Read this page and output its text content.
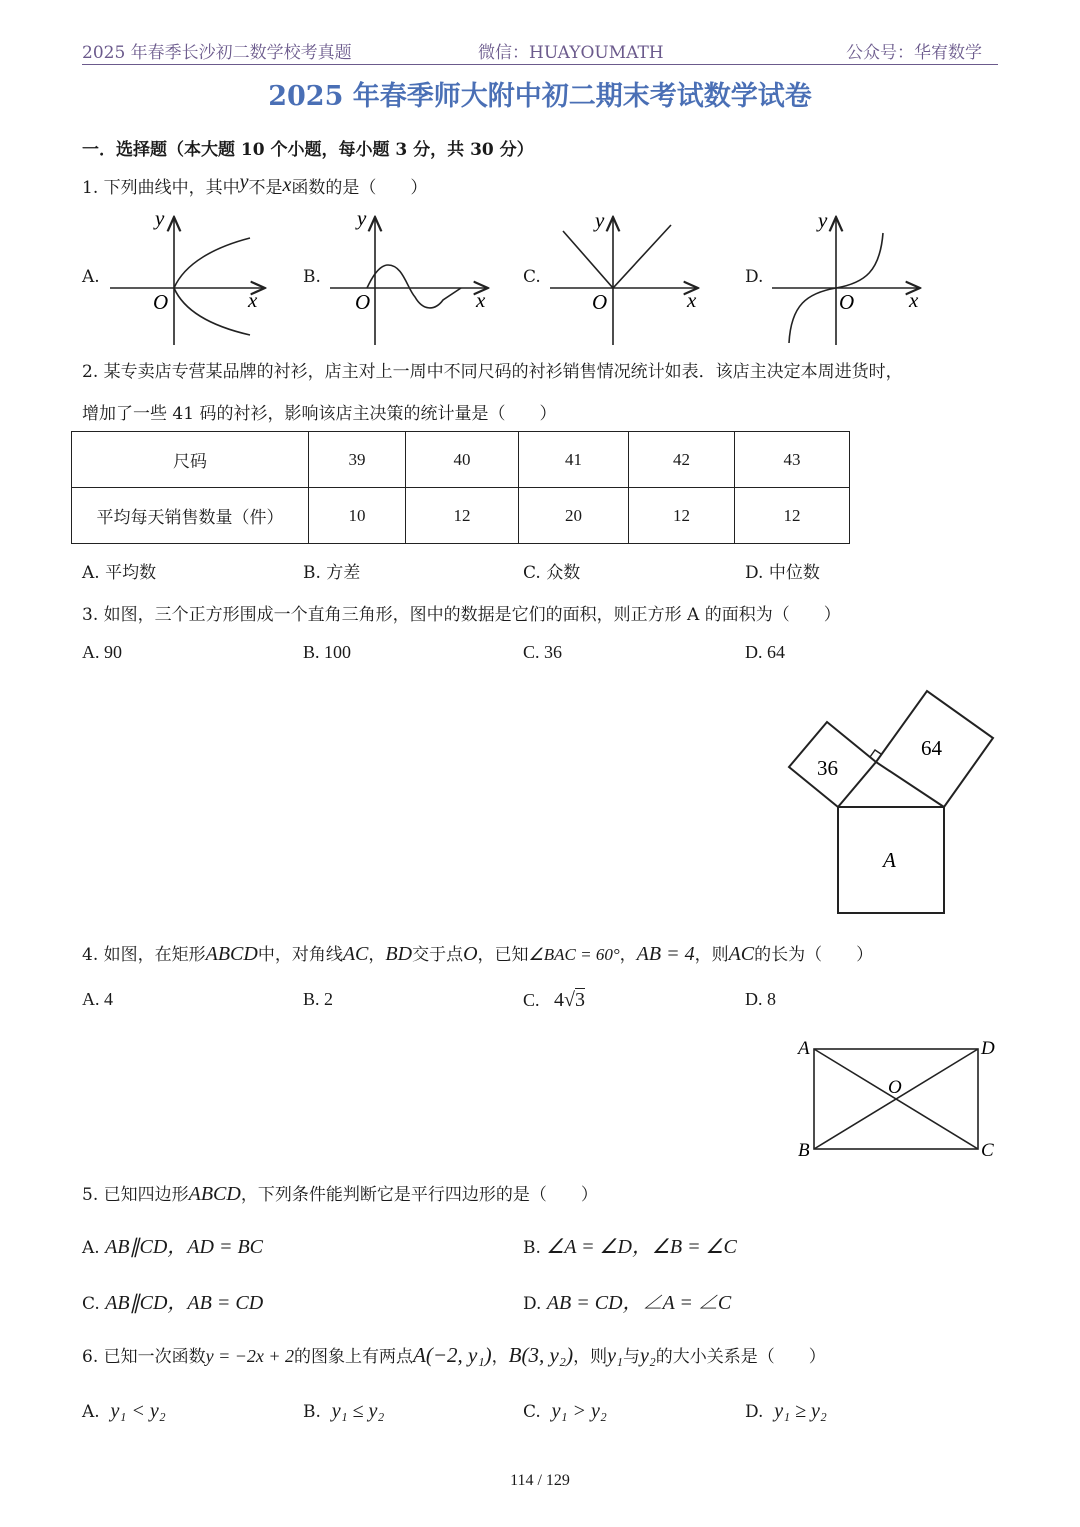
2025 年春季长沙初二数学校考真题	微信：HUAYOUMATH	公众号：华宥数学
2025 年春季师大附中初二期末考试数学试卷
一．选择题（本大题 10 个小题，每小题 3 分，共 30 分）
1. 下列曲线中，其中y不是x函数的是（　　）
A.
y
x
O
B.
y
x
O
C.
y
x
O
D.
y
x
O
2. 某专卖店专营某品牌的衬衫，店主对上一周中不同尺码的衬衫销售情况统计如表．该店主决定本周进货时，
增加了一些 41 码的衬衫，影响该店主决策的统计量是（　　）
尺码	39	40	41	42	43
平均每天销售数量（件）	10	12	20	12	12
A. 平均数	B. 方差	C. 众数	D. 中位数
3. 如图，三个正方形围成一个直角三角形，图中的数据是它们的面积，则正方形 A 的面积为（　　）
A. 90	B. 100	C. 36	D. 64
36
64
A
4. 如图，在矩形ABCD中，对角线AC，BD交于点O，已知∠BAC = 60°，AB = 4，则AC的长为（　　）
A. 4	B. 2	C. 4√3	D. 8
A	D
B	C
O
5. 已知四边形ABCD，下列条件能判断它是平行四边形的是（　　）
A. AB∥CD，AD = BC	B. ∠A = ∠D，∠B = ∠C
C. AB∥CD，AB = CD	D. AB = CD，∠A = ∠C
6. 已知一次函数y = −2x + 2的图象上有两点A(−2, y₁)，B(3, y₂)，则y₁与y₂的大小关系是（　　）
A. y₁ < y₂	B. y₁ ≤ y₂	C. y₁ > y₂	D. y₁ ≥ y₂
114 / 129
